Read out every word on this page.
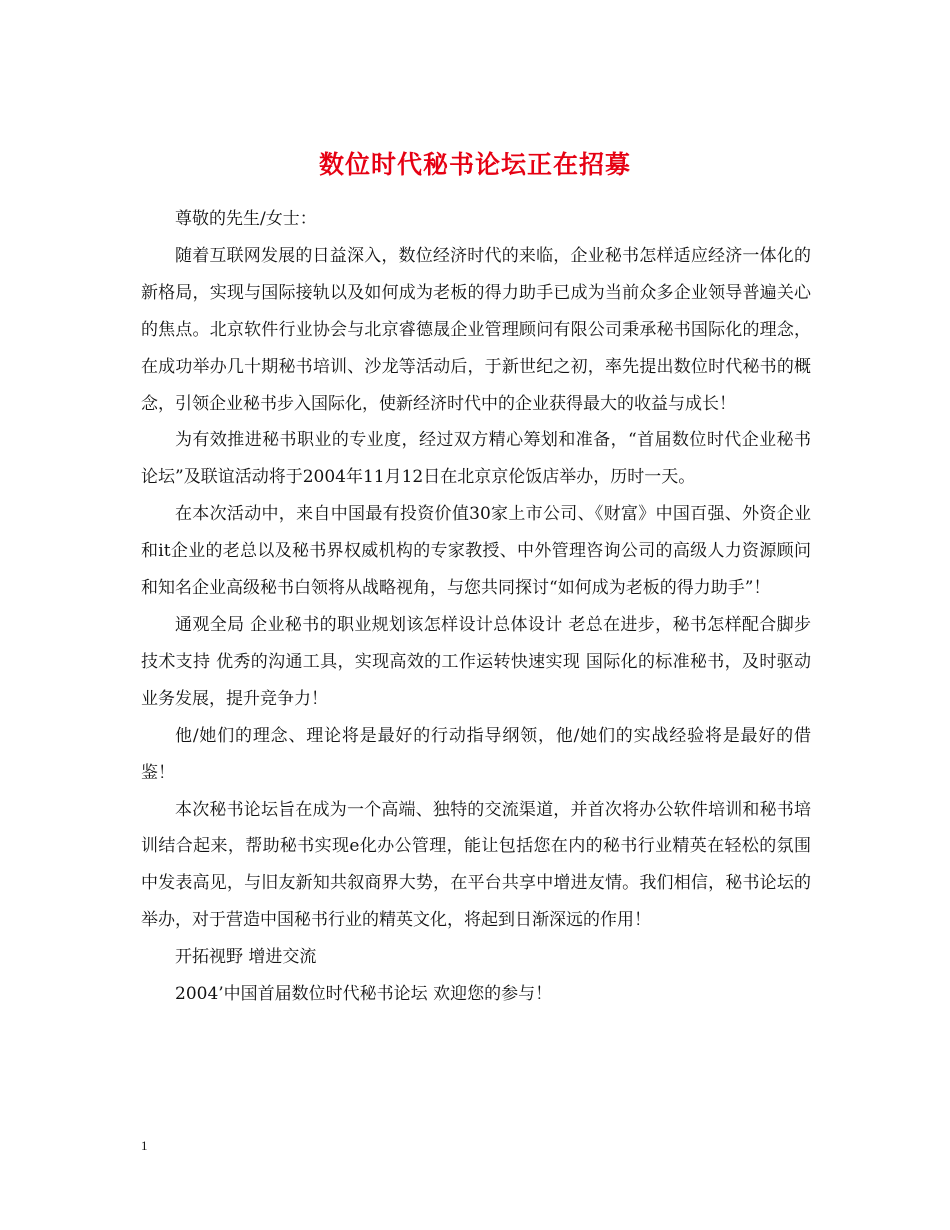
数位时代秘书论坛正在招募

尊敬的先生/女士：

随着互联网发展的日益深入，数位经济时代的来临，企业秘书怎样适应经济一体化的新格局，实现与国际接轨以及如何成为老板的得力助手已成为当前众多企业领导普遍关心的焦点。北京软件行业协会与北京睿德晟企业管理顾问有限公司秉承秘书国际化的理念，在成功举办几十期秘书培训、沙龙等活动后，于新世纪之初，率先提出数位时代秘书的概念，引领企业秘书步入国际化，使新经济时代中的企业获得最大的收益与成长！

为有效推进秘书职业的专业度，经过双方精心筹划和准备，“首届数位时代企业秘书论坛”及联谊活动将于2004年11月12日在北京京伦饭店举办，历时一天。

在本次活动中，来自中国最有投资价值30家上市公司、《财富》中国百强、外资企业和it企业的老总以及秘书界权威机构的专家教授、中外管理咨询公司的高级人力资源顾问和知名企业高级秘书白领将从战略视角，与您共同探讨“如何成为老板的得力助手”！

通观全局 企业秘书的职业规划该怎样设计总体设计 老总在进步，秘书怎样配合脚步技术支持 优秀的沟通工具，实现高效的工作运转快速实现 国际化的标准秘书，及时驱动业务发展，提升竞争力！

他/她们的理念、理论将是最好的行动指导纲领，他/她们的实战经验将是最好的借鉴！

本次秘书论坛旨在成为一个高端、独特的交流渠道，并首次将办公软件培训和秘书培训结合起来，帮助秘书实现e化办公管理，能让包括您在内的秘书行业精英在轻松的氛围中发表高见，与旧友新知共叙商界大势，在平台共享中增进友情。我们相信，秘书论坛的举办，对于营造中国秘书行业的精英文化，将起到日渐深远的作用！

开拓视野 增进交流

2004’中国首届数位时代秘书论坛 欢迎您的参与！

1
